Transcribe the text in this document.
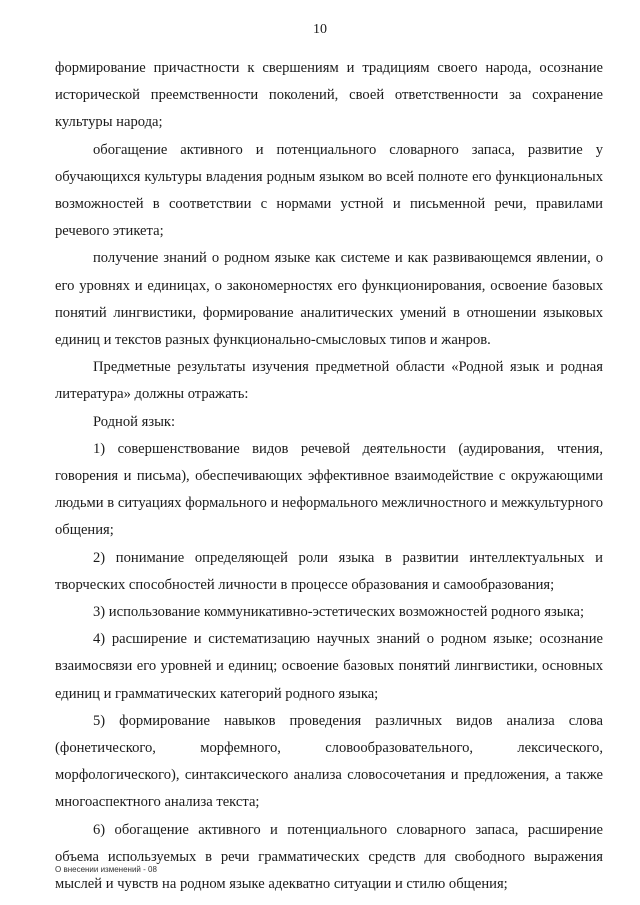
10

формирование причастности к свершениям и традициям своего народа, осознание исторической преемственности поколений, своей ответственности за сохранение культуры народа;

обогащение активного и потенциального словарного запаса, развитие у обучающихся культуры владения родным языком во всей полноте его функциональных возможностей в соответствии с нормами устной и письменной речи, правилами речевого этикета;

получение знаний о родном языке как системе и как развивающемся явлении, о его уровнях и единицах, о закономерностях его функционирования, освоение базовых понятий лингвистики, формирование аналитических умений в отношении языковых единиц и текстов разных функционально-смысловых типов и жанров.

Предметные результаты изучения предметной области «Родной язык и родная литература» должны отражать:

Родной язык:

1) совершенствование видов речевой деятельности (аудирования, чтения, говорения и письма), обеспечивающих эффективное взаимодействие с окружающими людьми в ситуациях формального и неформального межличностного и межкультурного общения;

2) понимание определяющей роли языка в развитии интеллектуальных и творческих способностей личности в процессе образования и самообразования;

3) использование коммуникативно-эстетических возможностей родного языка;

4) расширение и систематизацию научных знаний о родном языке; осознание взаимосвязи его уровней и единиц; освоение базовых понятий лингвистики, основных единиц и грамматических категорий родного языка;

5) формирование навыков проведения различных видов анализа слова (фонетического, морфемного, словообразовательного, лексического, морфологического), синтаксического анализа словосочетания и предложения, а также многоаспектного анализа текста;

6) обогащение активного и потенциального словарного запаса, расширение объема используемых в речи грамматических средств для свободного выражения мыслей и чувств на родном языке адекватно ситуации и стилю общения;

О внесении изменений - 08
